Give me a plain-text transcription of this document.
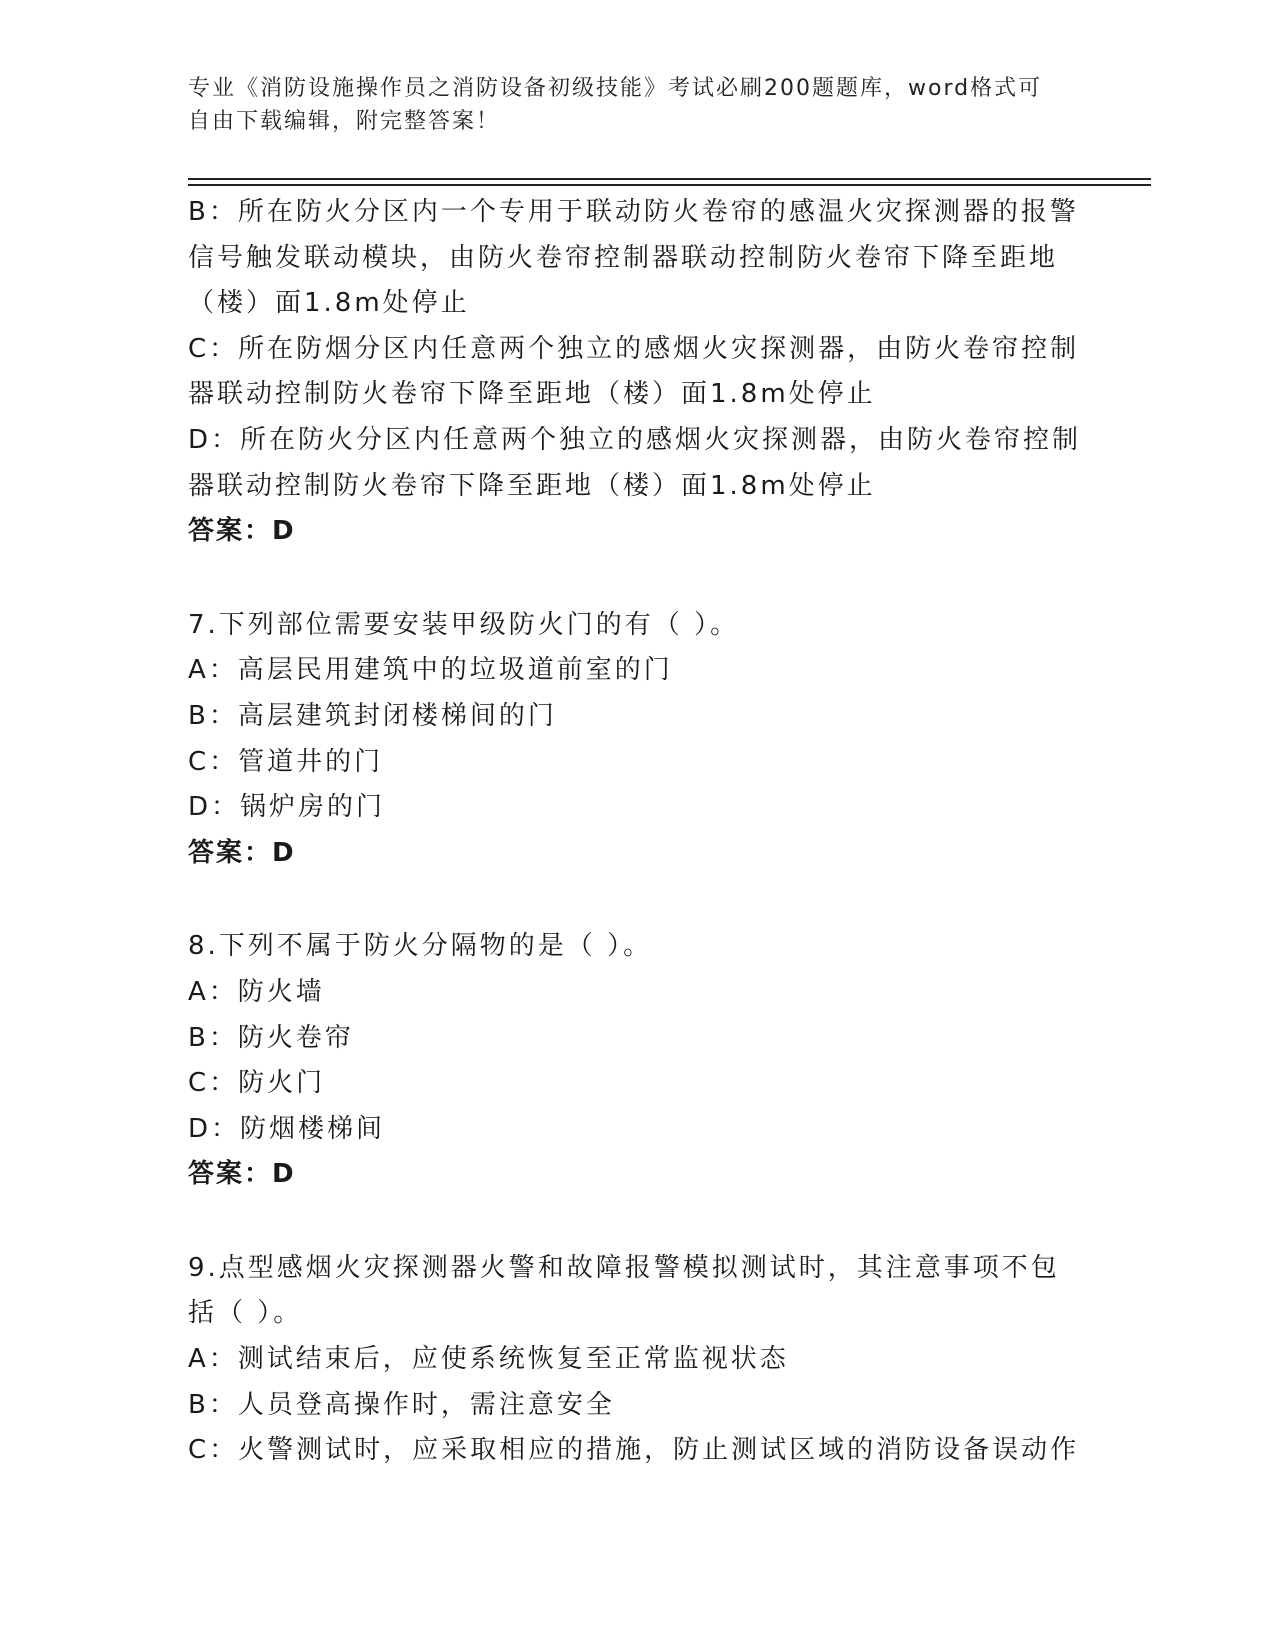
专业《消防设施操作员之消防设备初级技能》考试必刷200题题库，word格式可
自由下载编辑，附完整答案！
B：所在防火分区内一个专用于联动防火卷帘的感温火灾探测器的报警
信号触发联动模块，由防火卷帘控制器联动控制防火卷帘下降至距地
（楼）面1.8m处停止
C：所在防烟分区内任意两个独立的感烟火灾探测器，由防火卷帘控制
器联动控制防火卷帘下降至距地（楼）面1.8m处停止
D：所在防火分区内任意两个独立的感烟火灾探测器，由防火卷帘控制
器联动控制防火卷帘下降至距地（楼）面1.8m处停止
答案：D
7.下列部位需要安装甲级防火门的有（ ）。
A：高层民用建筑中的垃圾道前室的门
B：高层建筑封闭楼梯间的门
C：管道井的门
D：锅炉房的门
答案：D
8.下列不属于防火分隔物的是（ ）。
A：防火墙
B：防火卷帘
C：防火门
D：防烟楼梯间
答案：D
9.点型感烟火灾探测器火警和故障报警模拟测试时，其注意事项不包
括（ ）。
A：测试结束后，应使系统恢复至正常监视状态
B：人员登高操作时，需注意安全
C：火警测试时，应采取相应的措施，防止测试区域的消防设备误动作
